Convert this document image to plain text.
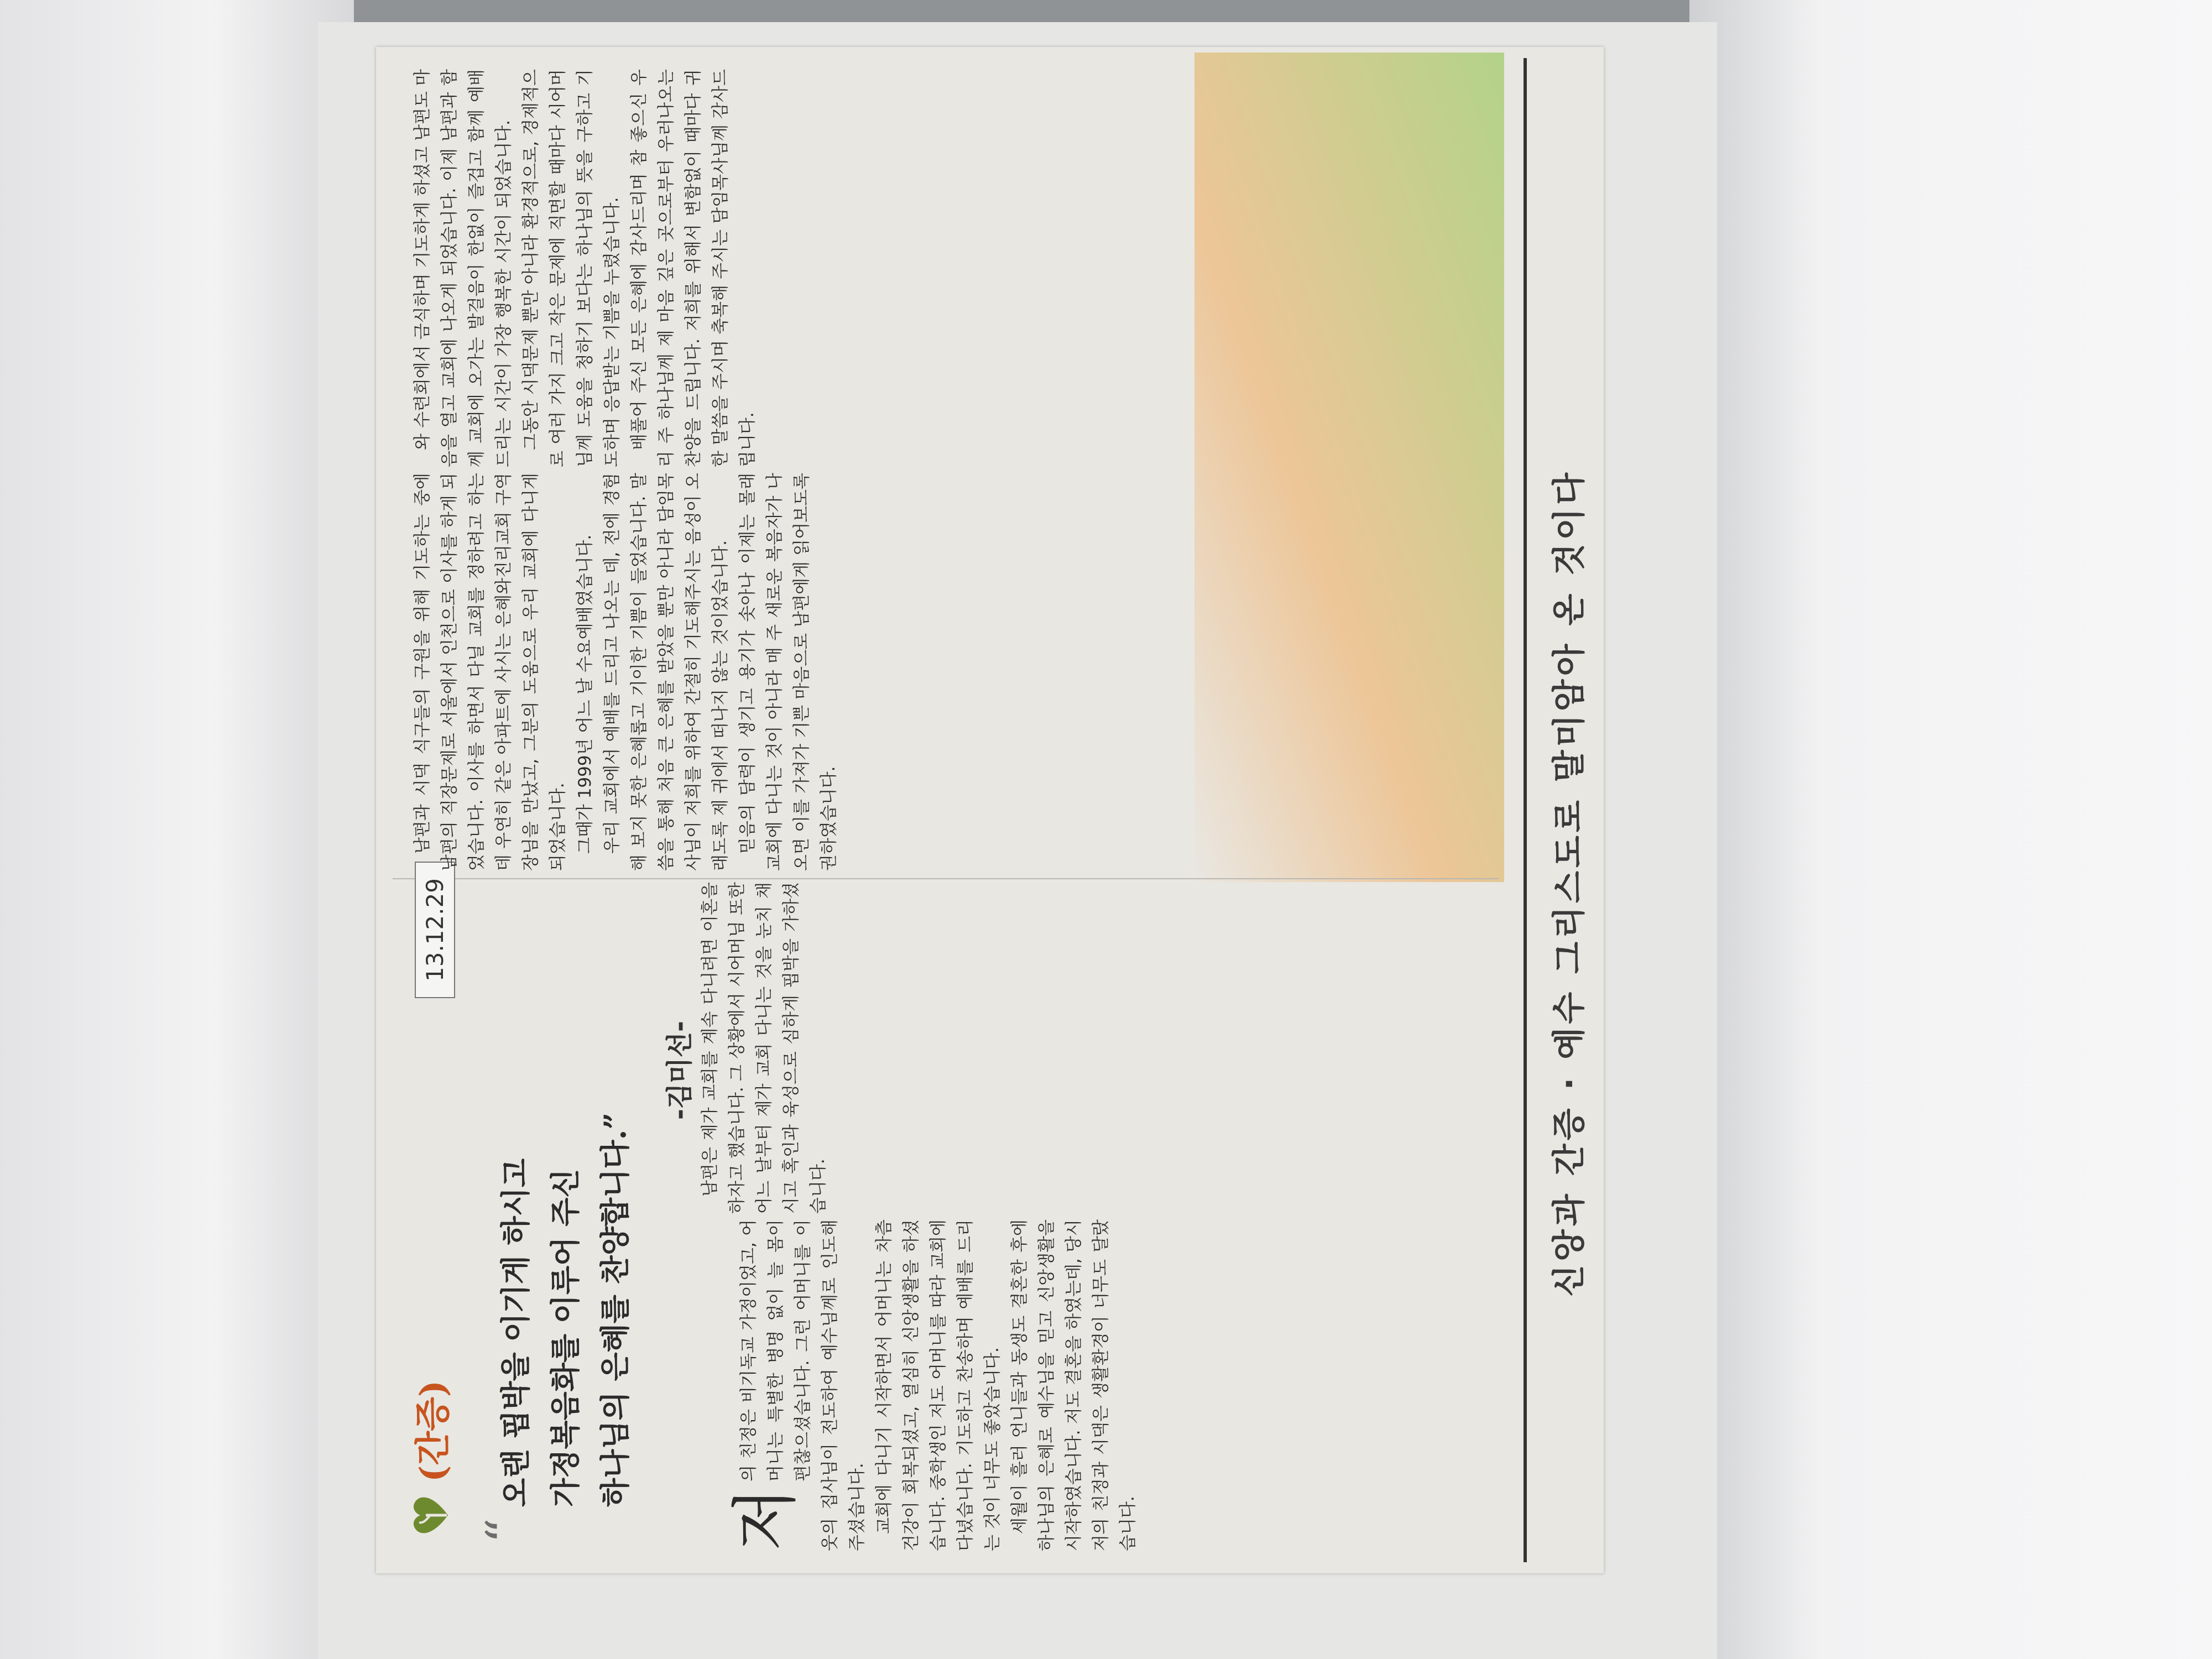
(간증)
13.12.29
“
오랜 핍박을 이기게 하시고 가정복음화를 이루어 주신 하나님의 은혜를 찬양합니다.”
-김미선-
저

의 친정은 비기독교 가정이었고, 어머니는 특별한 병명 없이 늘 몸이 편찮으셨습니다. 그런 어머니를 이웃의 집사님이 전도하여 예수님께로 인도해 주셨습니다. 교회에 다니기 시작하면서 어머니는 차츰 건강이 회복되셨고, 열심히 신앙생활을 하셨습니다. 중학생인 저도 어머니를 따라 교회에 다녔습니다. 기도하고 찬송하며 예배를 드리는 것이 너무도 좋았습니다. 세월이 흘러 언니들과 동생도 결혼한 후에 하나님의 은혜로 예수님을 믿고 신앙생활을 시작하였습니다. 저도 결혼을 하였는데, 당시 저의 친정과 시댁은 생활환경이 너무도 달랐습니다.

남편은 제가 교회를 계속 다니려면 이혼을 하자고 했습니다. 그 상황에서 시어머님 또한 어느 날부터 제가 교회 다니는 것을 눈치 채시고 혹인과 육성으로 심하게 핍박을 가하셨습니다.

남편과 시댁 식구들의 구원을 위해 기도하는 중에 남편의 직장문제로 서울에서 인천으로 이사를 하게 되었습니다. 이사를 하면서 다닐 교회를 정하려고 하는 데 우연히 같은 아파트에 사시는 은혜와진리교회 구역장님을 만났고, 그분의 도움으로 우리 교회에 다니게 되었습니다. 그때가 1999년 어느 날 수요예배였습니다. 우리 교회에서 예배를 드리고 나오는 데, 전에 경험해 보지 못한 은혜롭고 기이한 기쁨이 들었습니다. 말씀을 통해 처음 큰 은혜를 받았을 뿐만 아니라 담임목사님이 저희를 위하여 간절히 기도해주시는 음성이 오래도록 제 귀에서 떠나지 않는 것이었습니다. 믿음의 담력이 생기고 용기가 솟아나 이제는 몰래 교회에 다니는 것이 아니라 매 주 새로운 복음자가 나오면 이를 가져가 기쁜 마음으로 남편에게 읽어보도록 권하였습니다.

와 수련회에서 금식하며 기도하게 하셨고 남편도 마음을 열고 교회에 나오게 되었습니다. 이제 남편과 함께 교회에 오가는 발걸음이 한없이 즐겁고 함께 예배드리는 시간이 가장 행복한 시간이 되었습니다. 그동안 시댁문제 뿐만 아니라 환경적으로, 경제적으로 여러 가지 크고 작은 문제에 직면할 때마다 시어머님께 도움을 청하기 보다는 하나님의 뜻을 구하고 기도하며 응답받는 기쁨을 누렸습니다. 배풀어 주신 모든 은혜에 감사드리며 참 좋으신 우리 주 하나님께 제 마음 깊은 곳으로부터 우러나오는 찬양을 드립니다. 저희를 위해서 변함없이 때마다 귀한 말씀을 주시며 축복해 주시는 담임목사님께 감사드립니다.

신앙과 간증 · 예수 그리스도로 말미암아 온 것이다
